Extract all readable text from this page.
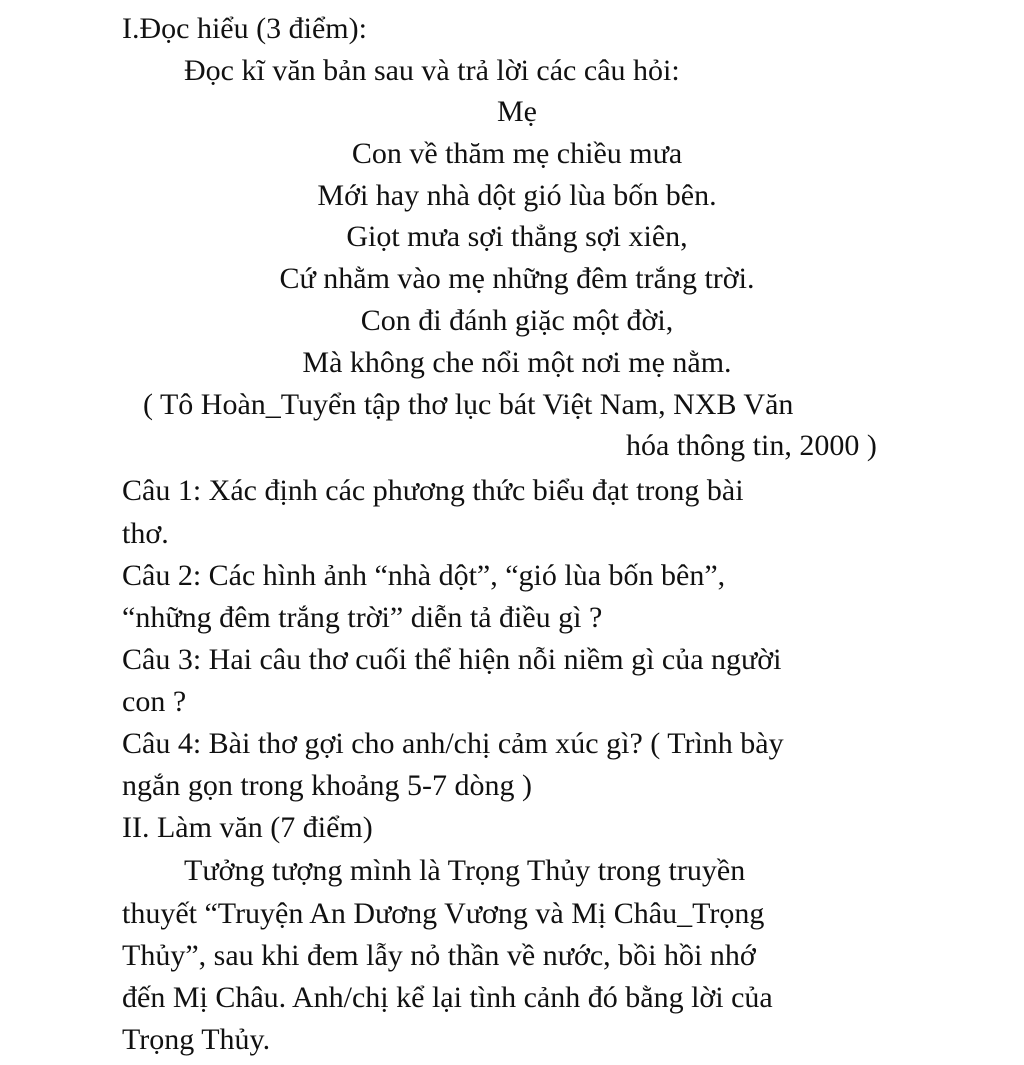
I.Đọc hiểu (3 điểm):
Đọc kĩ văn bản sau và trả lời các câu hỏi:
Mẹ
Con về thăm mẹ chiều mưa
Mới hay nhà dột gió lùa bốn bên.
Giọt mưa sợi thẳng sợi xiên,
Cứ nhằm vào mẹ những đêm trắng trời.
Con đi đánh giặc một đời,
Mà không che nổi một nơi mẹ nằm.
( Tô Hoàn_Tuyển tập thơ lục bát Việt Nam, NXB Văn
hóa thông tin, 2000 )
Câu 1: Xác định các phương thức biểu đạt trong bài
thơ.
Câu 2: Các hình ảnh “nhà dột”, “gió lùa bốn bên”,
“những đêm trắng trời” diễn tả điều gì ?
Câu 3: Hai câu thơ cuối thể hiện nỗi niềm gì của người
con ?
Câu 4: Bài thơ gợi cho anh/chị cảm xúc gì? ( Trình bày
ngắn gọn trong khoảng 5-7 dòng )
II. Làm văn (7 điểm)
Tưởng tượng mình là Trọng Thủy trong truyền
thuyết “Truyện An Dương Vương và Mị Châu_Trọng
Thủy”, sau khi đem lẫy nỏ thần về nước, bồi hồi nhớ
đến Mị Châu. Anh/chị kể lại tình cảnh đó bằng lời của
Trọng Thủy.
